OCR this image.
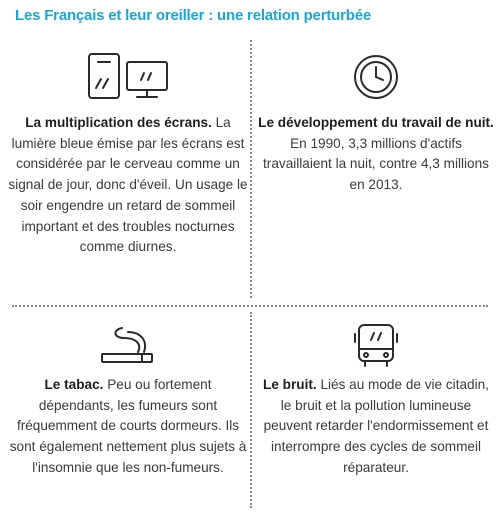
Les Français et leur oreiller : une relation perturbée
La multiplication des écrans. La lumière bleue émise par les écrans est considérée par le cerveau comme un signal de jour, donc d'éveil. Un usage le soir engendre un retard de sommeil important et des troubles nocturnes comme diurnes.
Le développement du travail de nuit. En 1990, 3,3 millions d'actifs travaillaient la nuit, contre 4,3 millions en 2013.
Le tabac. Peu ou fortement dépendants, les fumeurs sont fréquemment de courts dormeurs. Ils sont également nettement plus sujets à l'insomnie que les non-fumeurs.
Le bruit. Liés au mode de vie citadin, le bruit et la pollution lumineuse peuvent retarder l'endormissement et interrompre des cycles de sommeil réparateur.
